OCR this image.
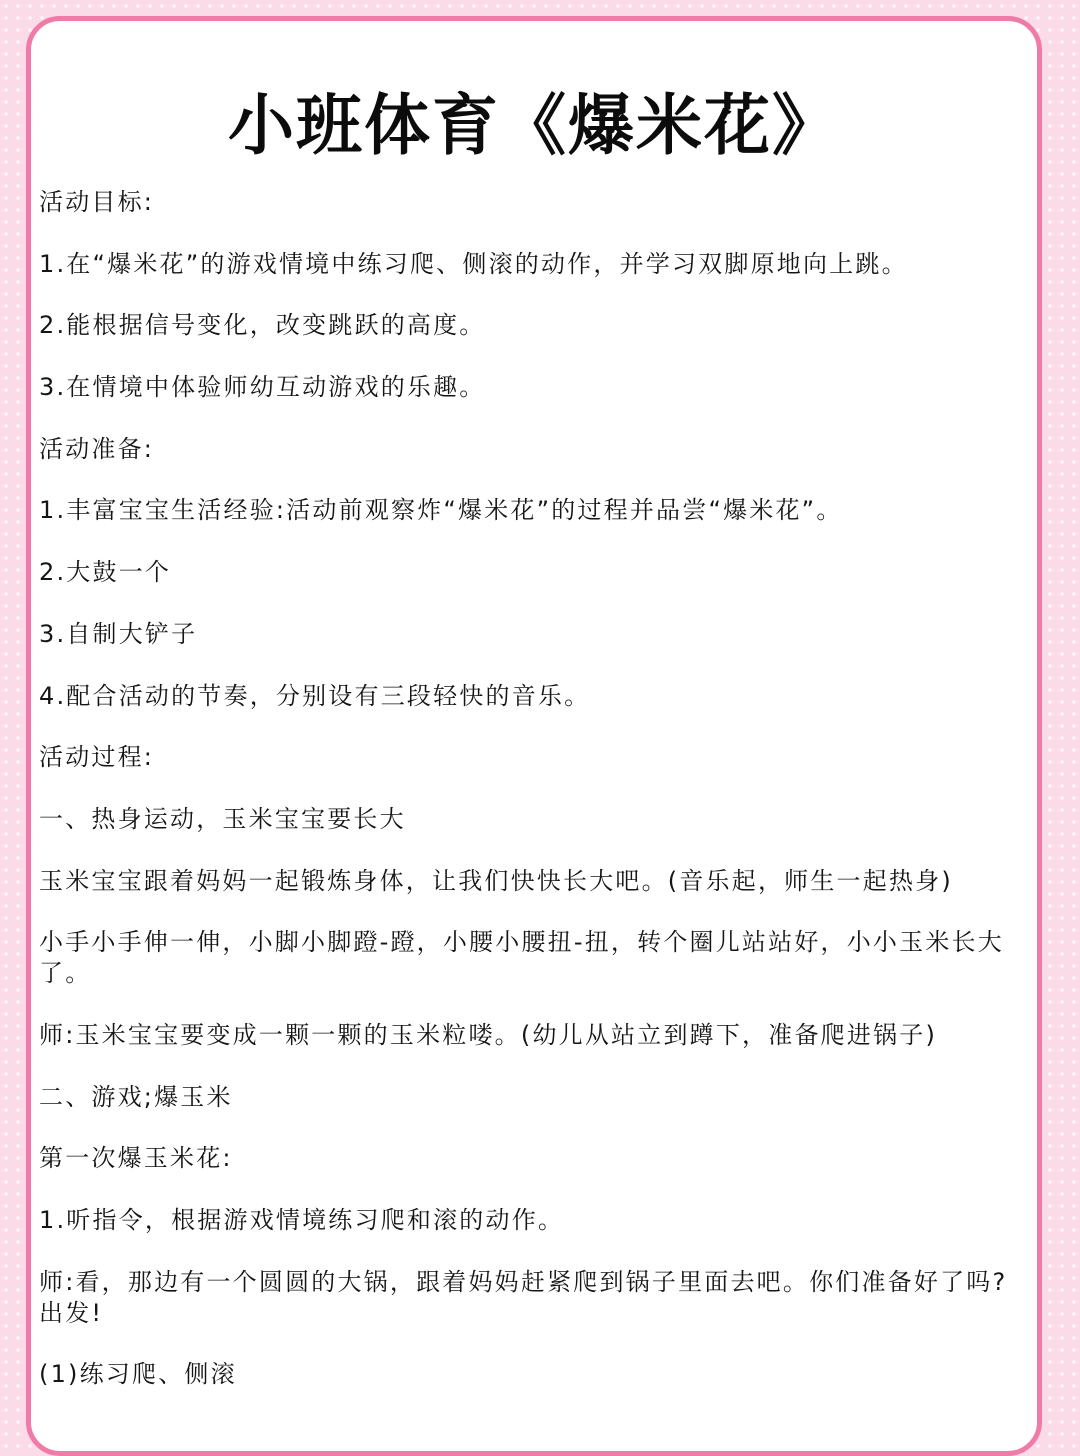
小班体育《爆米花》

活动目标:

1.在“爆米花”的游戏情境中练习爬、侧滚的动作，并学习双脚原地向上跳。

2.能根据信号变化，改变跳跃的高度。

3.在情境中体验师幼互动游戏的乐趣。

活动准备:

1.丰富宝宝生活经验:活动前观察炸“爆米花”的过程并品尝“爆米花”。

2.大鼓一个

3.自制大铲子

4.配合活动的节奏，分别设有三段轻快的音乐。

活动过程:

一、热身运动，玉米宝宝要长大

玉米宝宝跟着妈妈一起锻炼身体，让我们快快长大吧。(音乐起，师生一起热身)

小手小手伸一伸，小脚小脚蹬-蹬，小腰小腰扭-扭，转个圈儿站站好，小小玉米长大了。

师:玉米宝宝要变成一颗一颗的玉米粒喽。(幼儿从站立到蹲下，准备爬进锅子)

二、游戏;爆玉米

第一次爆玉米花:

1.听指令，根据游戏情境练习爬和滚的动作。

师:看，那边有一个圆圆的大锅，跟着妈妈赶紧爬到锅子里面去吧。你们准备好了吗?出发!

(1)练习爬、侧滚
